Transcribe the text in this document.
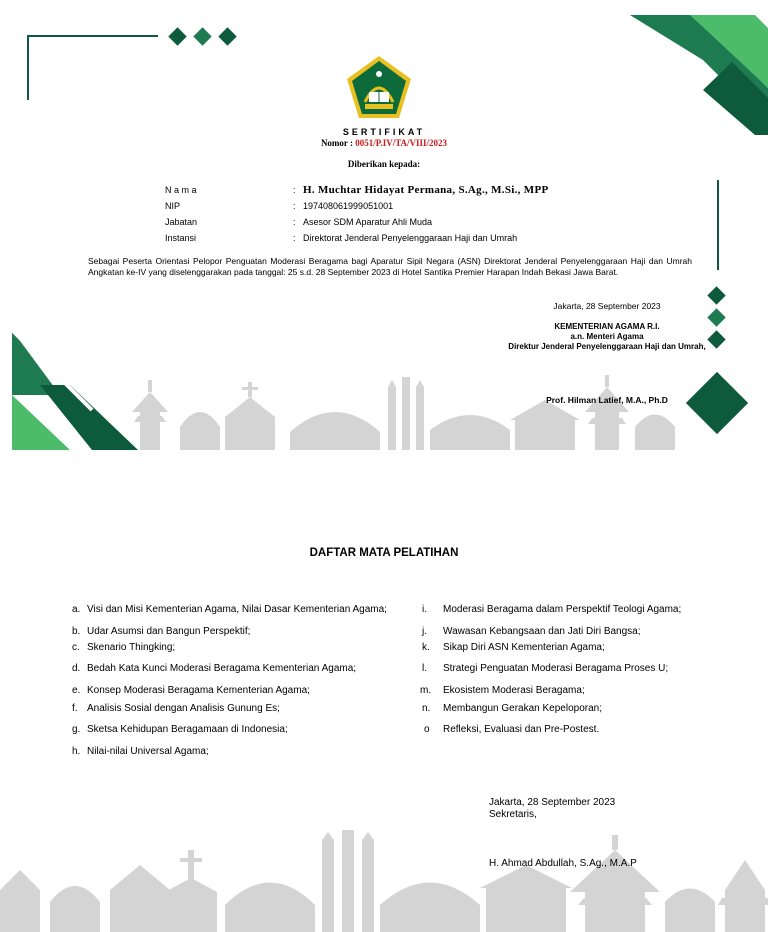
SERTIFIKAT
Nomor : 0051/P.IV/TA/VIII/2023
Diberikan kepada:
N a m a	: H. Muchtar Hidayat Permana, S.Ag., M.Si., MPP
NIP	: 197408061999051001
Jabatan	: Asesor SDM Aparatur Ahli Muda
Instansi	: Direktorat Jenderal Penyelenggaraan Haji dan Umrah
Sebagai Peserta Orientasi Pelopor Penguatan Moderasi Beragama bagi Aparatur Sipil Negara (ASN) Direktorat Jenderal Penyelenggaraan Haji dan Umrah Angkatan ke-IV yang diselenggarakan pada tanggal: 25 s.d. 28 September 2023 di Hotel Santika Premier Harapan Indah Bekasi Jawa Barat.
Jakarta, 28 September 2023
KEMENTERIAN AGAMA R.I.
a.n. Menteri Agama
Direktur Jenderal Penyelenggaraan Haji dan Umrah,
Prof. Hilman Latief, M.A., Ph.D
DAFTAR MATA PELATIHAN
a. Visi dan Misi Kementerian Agama, Nilai Dasar Kementerian Agama;
b. Udar Asumsi dan Bangun Perspektif;
c. Skenario Thingking;
d. Bedah Kata Kunci Moderasi Beragama Kementerian Agama;
e. Konsep Moderasi Beragama Kementerian Agama;
f. Analisis Sosial dengan Analisis Gunung Es;
g. Sketsa Kehidupan Beragamaan di Indonesia;
h. Nilai-nilai Universal Agama;
i. Moderasi Beragama dalam Perspektif Teologi Agama;
j. Wawasan Kebangsaan dan Jati Diri Bangsa;
k. Sikap Diri ASN Kementerian Agama;
l. Strategi Penguatan Moderasi Beragama Proses U;
m. Ekosistem Moderasi Beragama;
n. Membangun Gerakan Kepeloporan;
o Refleksi, Evaluasi dan Pre-Postest.
Jakarta, 28 September 2023
Sekretaris,
H. Ahmad Abdullah, S.Ag., M.A.P
